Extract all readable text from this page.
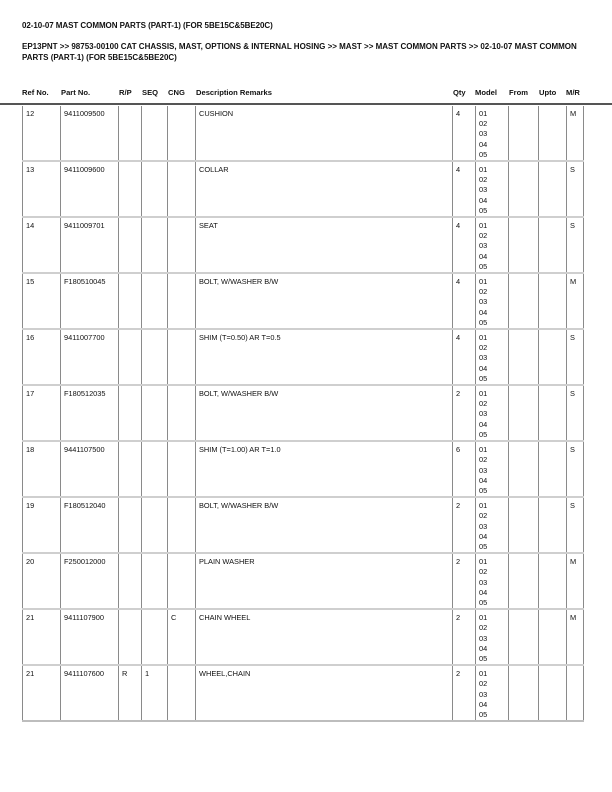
02-10-07 MAST COMMON PARTS (PART-1) (FOR 5BE15C&5BE20C)
EP13PNT >> 98753-00100 CAT CHASSIS, MAST, OPTIONS & INTERNAL HOSING >> MAST >> MAST COMMON PARTS >> 02-10-07 MAST COMMON PARTS (PART-1) (FOR 5BE15C&5BE20C)
Ref No. Part No.	R/P SEQ CNG Description Remarks	Qty Model From Upto M/R
12	9411009500				CUSHION	4	01
02
03
04
05			M
13	9411009600				COLLAR	4	01
02
03
04
05			S
14	9411009701				SEAT	4	01
02
03
04
05			S
15	F180510045				BOLT, W/WASHER B/W	4	01
02
03
04
05			M
16	9411007700				SHIM (T=0.50) AR T=0.5	4	01
02
03
04
05			S
17	F180512035				BOLT, W/WASHER B/W	2	01
02
03
04
05			S
18	9441107500				SHIM (T=1.00) AR T=1.0	6	01
02
03
04
05			S
19	F180512040				BOLT, W/WASHER B/W	2	01
02
03
04
05			S
20	F250012000				PLAIN WASHER	2	01
02
03
04
05			M
21	9411107900			C	CHAIN WHEEL	2	01
02
03
04
05			M
21	9411107600	R	1		WHEEL,CHAIN	2	01
02
03
04
05			
